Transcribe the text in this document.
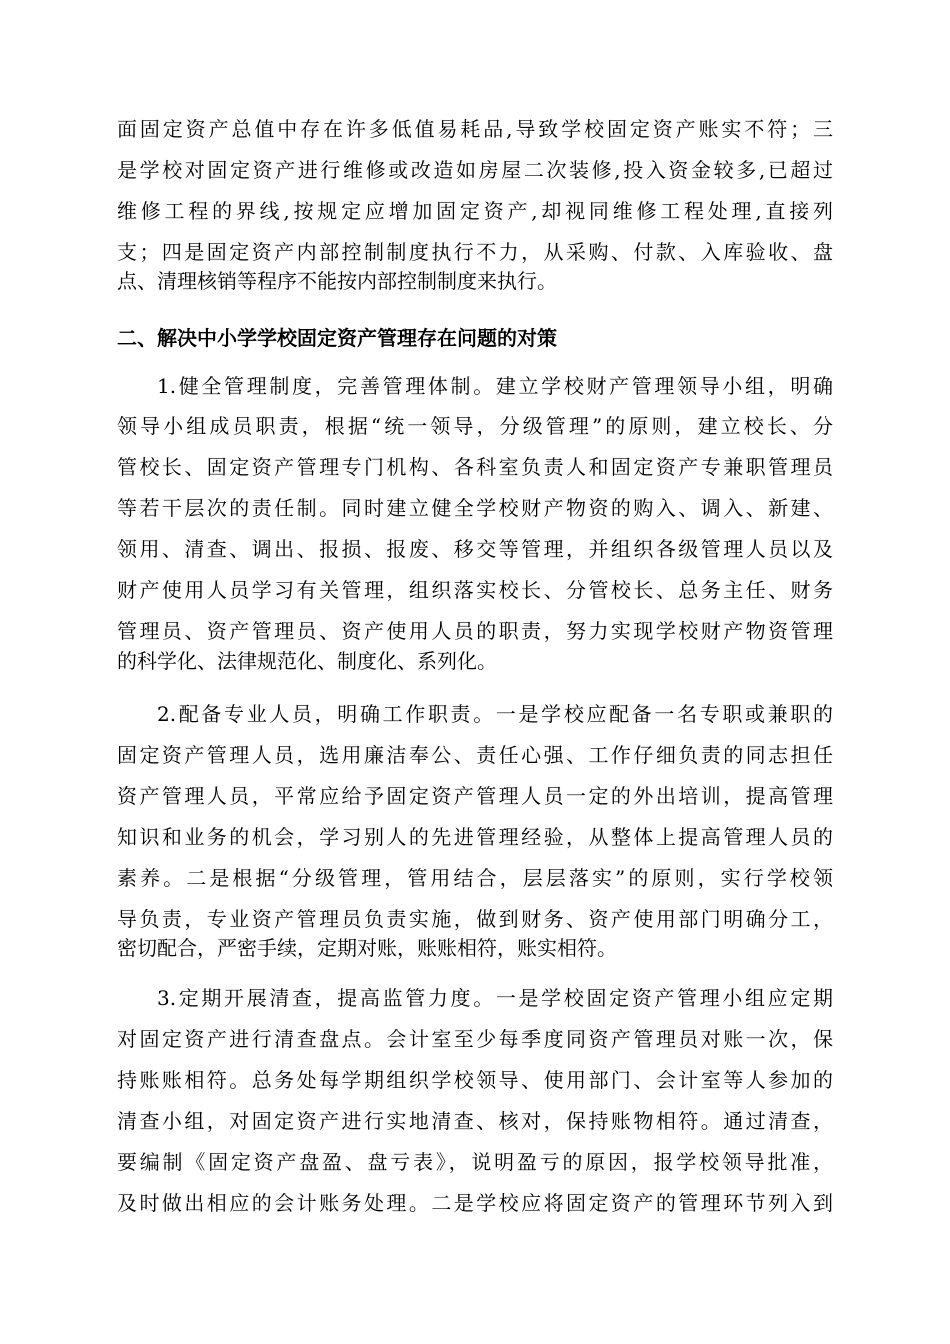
面固定资产总值中存在许多低值易耗品,导致学校固定资产账实不符；三
是学校对固定资产进行维修或改造如房屋二次装修,投入资金较多,已超过
维修工程的界线,按规定应增加固定资产,却视同维修工程处理,直接列
支；四是固定资产内部控制制度执行不力，从采购、付款、入库验收、盘
点、清理核销等程序不能按内部控制制度来执行。
二、解决中小学学校固定资产管理存在问题的对策
1.健全管理制度，完善管理体制。建立学校财产管理领导小组，明确
领导小组成员职责，根据“统一领导，分级管理”的原则，建立校长、分
管校长、固定资产管理专门机构、各科室负责人和固定资产专兼职管理员
等若干层次的责任制。同时建立健全学校财产物资的购入、调入、新建、
领用、清查、调出、报损、报废、移交等管理，并组织各级管理人员以及
财产使用人员学习有关管理，组织落实校长、分管校长、总务主任、财务
管理员、资产管理员、资产使用人员的职责，努力实现学校财产物资管理
的科学化、法律规范化、制度化、系列化。
2.配备专业人员，明确工作职责。一是学校应配备一名专职或兼职的
固定资产管理人员，选用廉洁奉公、责任心强、工作仔细负责的同志担任
资产管理人员，平常应给予固定资产管理人员一定的外出培训，提高管理
知识和业务的机会，学习别人的先进管理经验，从整体上提高管理人员的
素养。二是根据“分级管理，管用结合，层层落实”的原则，实行学校领
导负责，专业资产管理员负责实施，做到财务、资产使用部门明确分工，
密切配合，严密手续，定期对账，账账相符，账实相符。
3.定期开展清查，提高监管力度。一是学校固定资产管理小组应定期
对固定资产进行清查盘点。会计室至少每季度同资产管理员对账一次，保
持账账相符。总务处每学期组织学校领导、使用部门、会计室等人参加的
清查小组，对固定资产进行实地清查、核对，保持账物相符。通过清查，
要编制《固定资产盘盈、盘亏表》，说明盈亏的原因，报学校领导批准，
及时做出相应的会计账务处理。二是学校应将固定资产的管理环节列入到
